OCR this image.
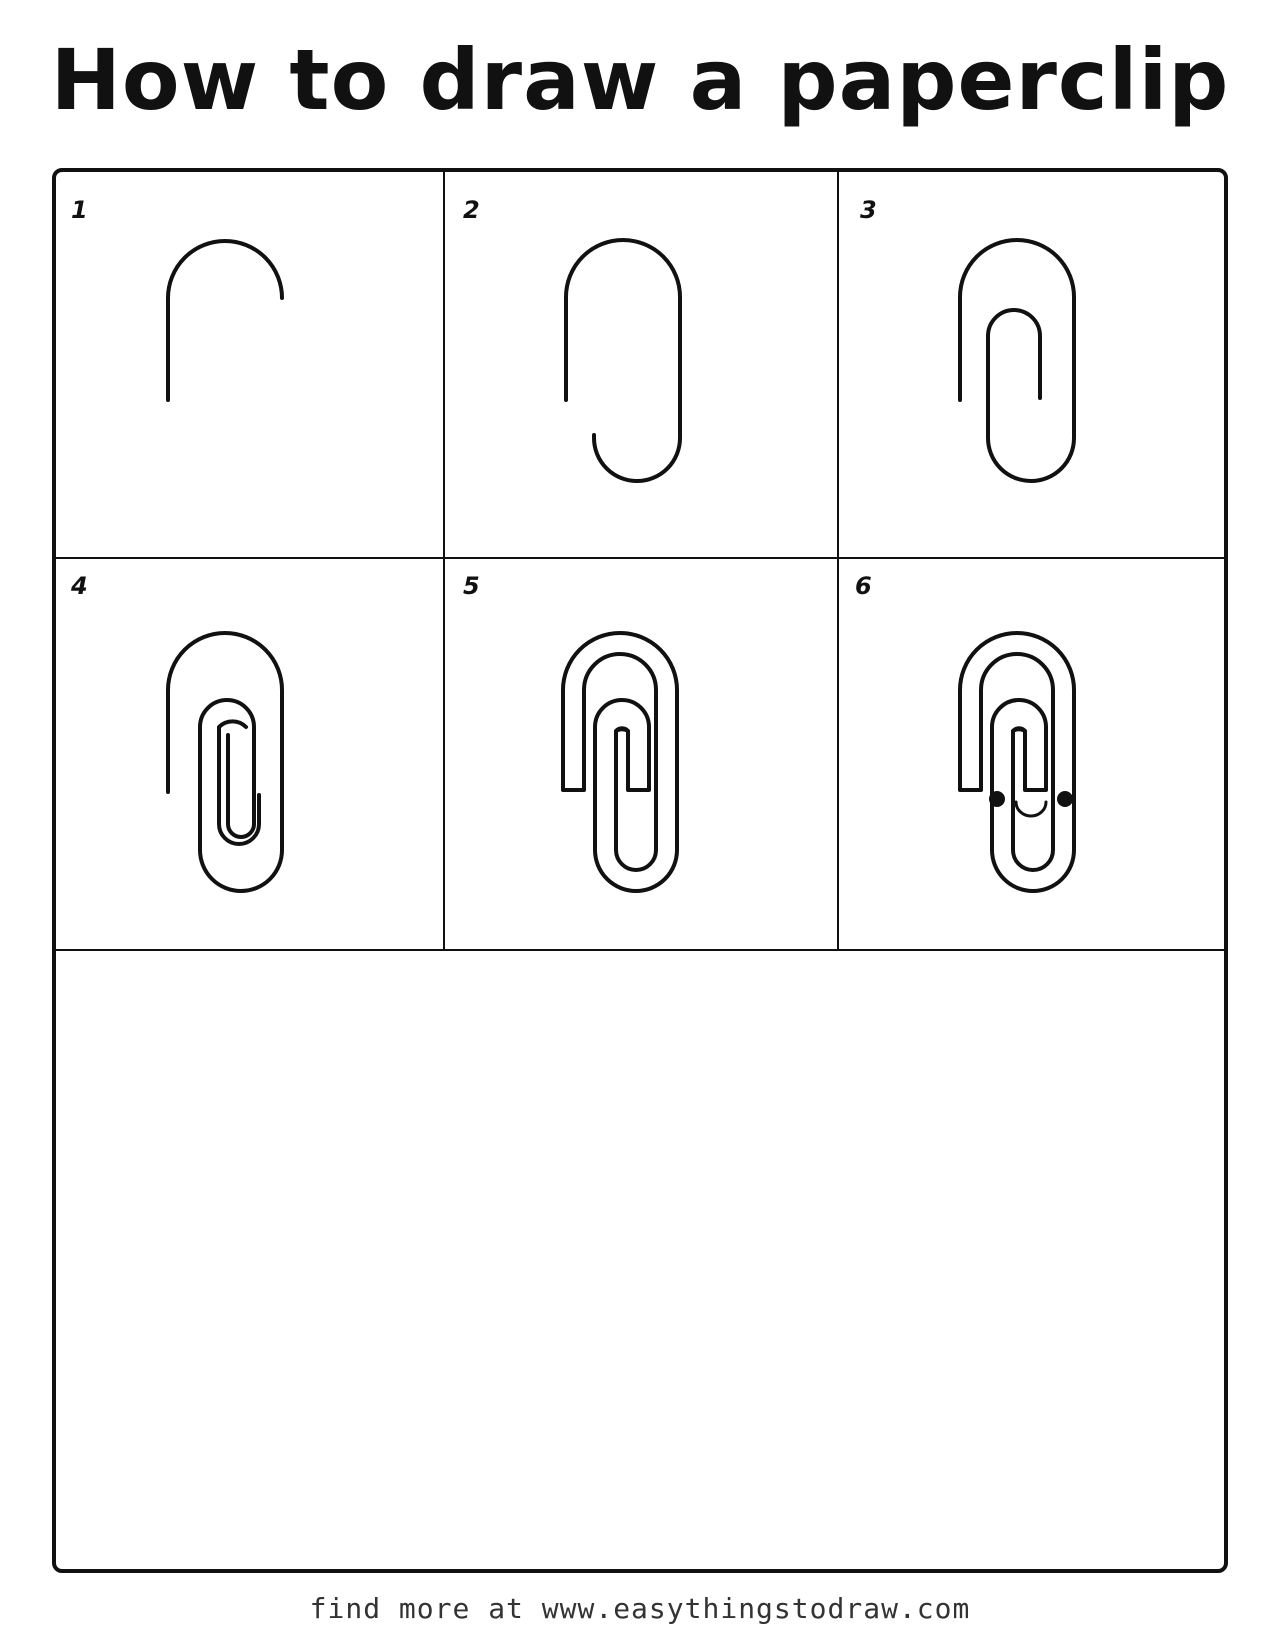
How to draw a paperclip
1	2	3
4	5	6
find more at www.easythingstodraw.com
